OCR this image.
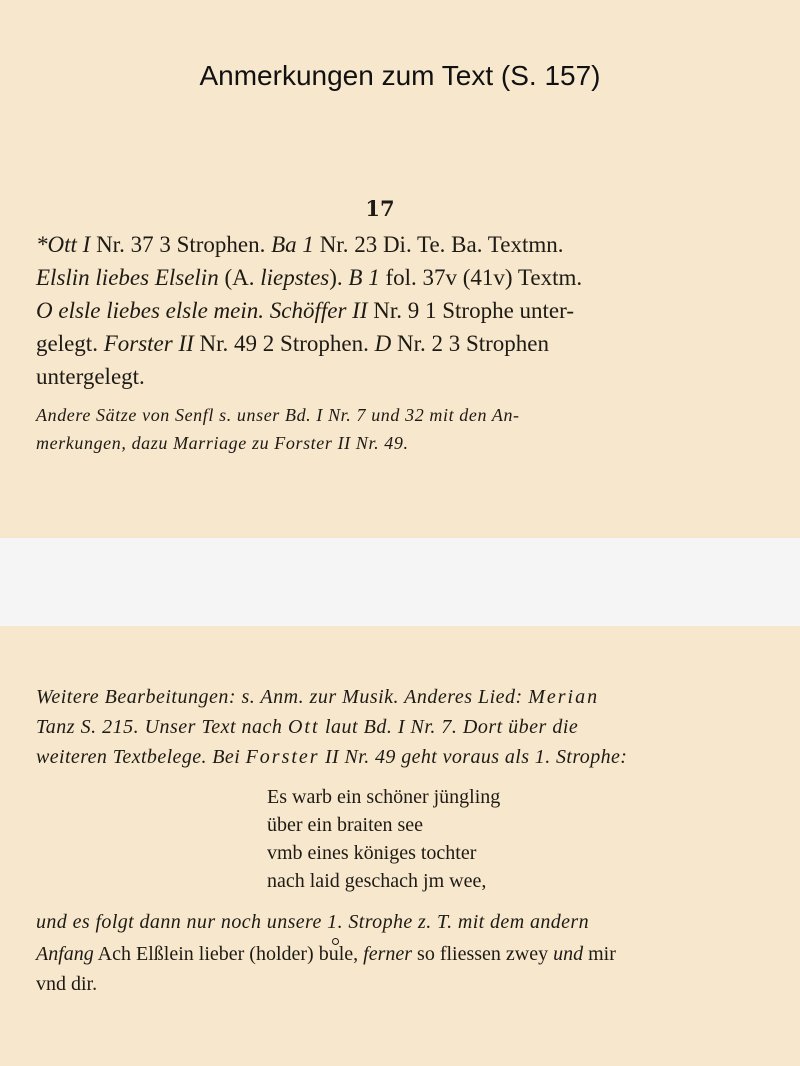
Anmerkungen zum Text (S. 157)
17
*Ott I Nr. 37 3 Strophen. Ba 1 Nr. 23 Di. Te. Ba. Textmn.
Elslin liebes Elselin (A. liepstes). B 1 fol. 37v (41v) Textm.
O elsle liebes elsle mein. Schöffer II Nr. 9 1 Strophe unter-
gelegt. Forster II Nr. 49 2 Strophen. D Nr. 2 3 Strophen
untergelegt.
Andere Sätze von Senfl s. unser Bd. I Nr. 7 und 32 mit den An-
merkungen, dazu Marriage zu Forster II Nr. 49.
Weitere Bearbeitungen: s. Anm. zur Musik. Anderes Lied: Merian
Tanz S. 215. Unser Text nach Ott laut Bd. I Nr. 7. Dort über die
weiteren Textbelege. Bei Forster II Nr. 49 geht voraus als 1. Strophe:
Es warb ein schöner jüngling
über ein braiten see
vmb eines königes tochter
nach laid geschach jm wee,
und es folgt dann nur noch unsere 1. Strophe z. T. mit dem andern
Anfang Ach Elßlein lieber (holder) bule, ferner so fliessen zwey und mir
vnd dir.
